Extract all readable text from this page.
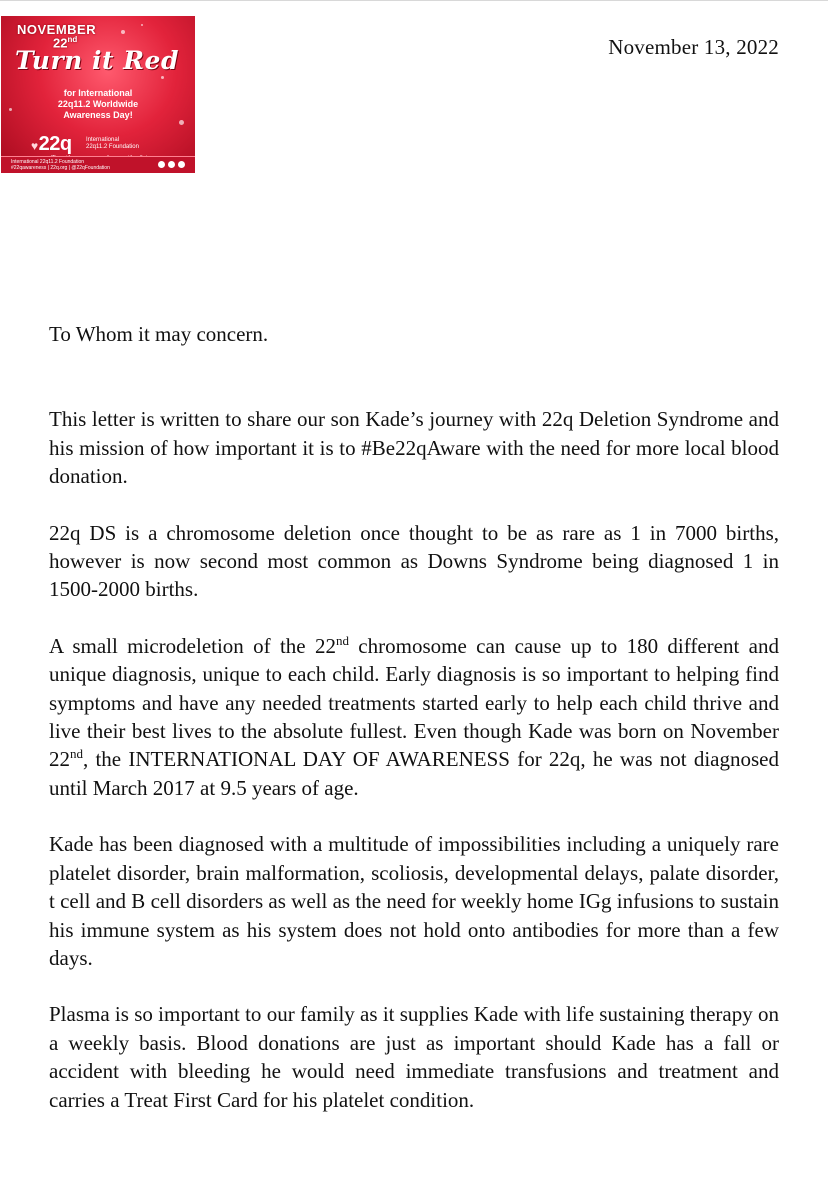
NOVEMBER
22nd
Turn it Red
for International
22q11.2 Worldwide
Awareness Day!
♥22q International
22q11.2 Foundation
International 22q11.2 Foundation
#22qawareness | 22q.org | @22qFoundation
November 13, 2022

To Whom it may concern.

This letter is written to share our son Kade’s journey with 22q Deletion Syndrome and his mission of how important it is to #Be22qAware with the need for more local blood donation.

22q DS is a chromosome deletion once thought to be as rare as 1 in 7000 births, however is now second most common as Downs Syndrome being diagnosed 1 in 1500-2000 births.

A small microdeletion of the 22nd chromosome can cause up to 180 different and unique diagnosis, unique to each child. Early diagnosis is so important to helping find symptoms and have any needed treatments started early to help each child thrive and live their best lives to the absolute fullest. Even though Kade was born on November 22nd, the INTERNATIONAL DAY OF AWARENESS for 22q, he was not diagnosed until March 2017 at 9.5 years of age.

Kade has been diagnosed with a multitude of impossibilities including a uniquely rare platelet disorder, brain malformation, scoliosis, developmental delays, palate disorder, t cell and B cell disorders as well as the need for weekly home IGg infusions to sustain his immune system as his system does not hold onto antibodies for more than a few days.

Plasma is so important to our family as it supplies Kade with life sustaining therapy on a weekly basis. Blood donations are just as important should Kade has a fall or accident with bleeding he would need immediate transfusions and treatment and carries a Treat First Card for his platelet condition.
